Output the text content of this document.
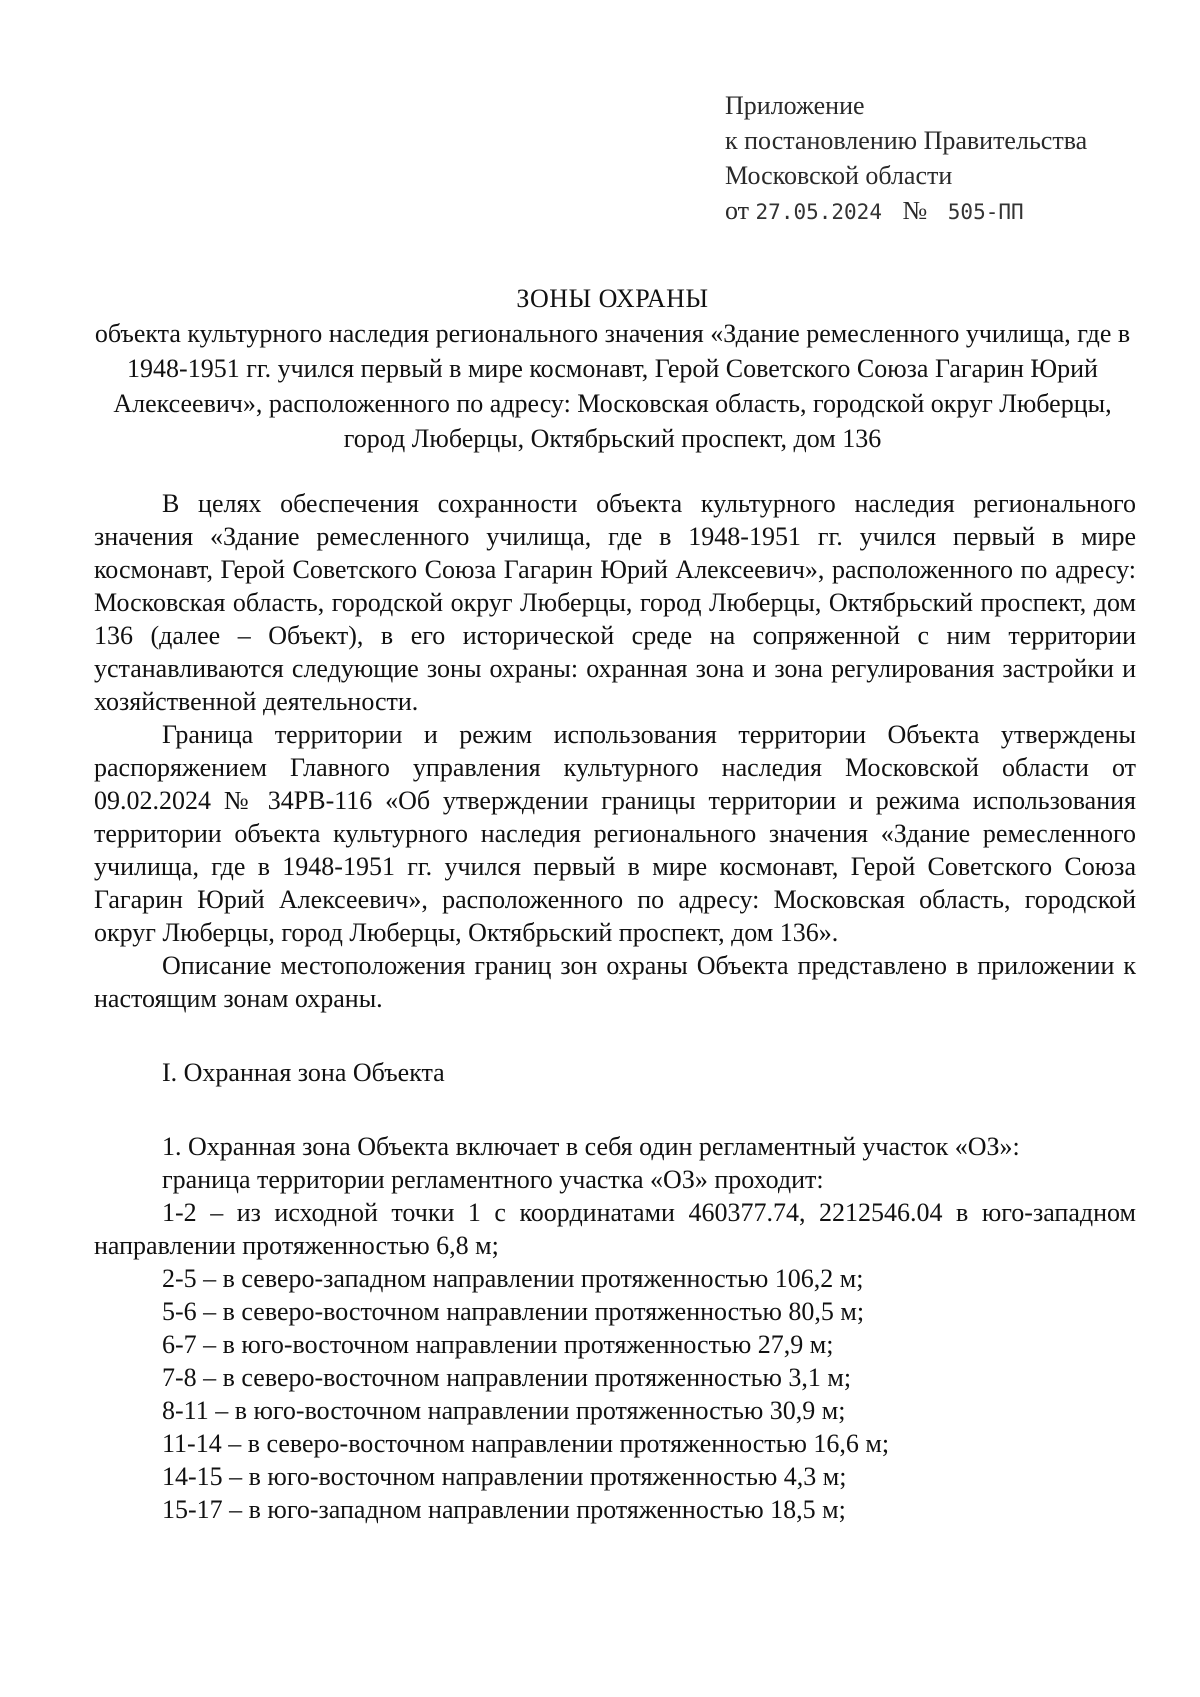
Приложение
к постановлению Правительства
Московской области
от 27.05.2024 № 505-ПП
ЗОНЫ ОХРАНЫ
объекта культурного наследия регионального значения «Здание ремесленного училища, где в 1948-1951 гг. учился первый в мире космонавт, Герой Советского Союза Гагарин Юрий Алексеевич», расположенного по адресу: Московская область, городской округ Люберцы, город Люберцы, Октябрьский проспект, дом 136

В целях обеспечения сохранности объекта культурного наследия регионального значения «Здание ремесленного училища, где в 1948-1951 гг. учился первый в мире космонавт, Герой Советского Союза Гагарин Юрий Алексеевич», расположенного по адресу: Московская область, городской округ Люберцы, город Люберцы, Октябрьский проспект, дом 136 (далее – Объект), в его исторической среде на сопряженной с ним территории устанавливаются следующие зоны охраны: охранная зона и зона регулирования застройки и хозяйственной деятельности.

Граница территории и режим использования территории Объекта утверждены распоряжением Главного управления культурного наследия Московской области от 09.02.2024 № 34РВ-116 «Об утверждении границы территории и режима использования территории объекта культурного наследия регионального значения «Здание ремесленного училища, где в 1948-1951 гг. учился первый в мире космонавт, Герой Советского Союза Гагарин Юрий Алексеевич», расположенного по адресу: Московская область, городской округ Люберцы, город Люберцы, Октябрьский проспект, дом 136».

Описание местоположения границ зон охраны Объекта представлено в приложении к настоящим зонам охраны.

I. Охранная зона Объекта

1. Охранная зона Объекта включает в себя один регламентный участок «ОЗ»:

граница территории регламентного участка «ОЗ» проходит:

1-2 – из исходной точки 1 с координатами 460377.74, 2212546.04 в юго-западном направлении протяженностью 6,8 м;

2-5 – в северо-западном направлении протяженностью 106,2 м;

5-6 – в северо-восточном направлении протяженностью 80,5 м;

6-7 – в юго-восточном направлении протяженностью 27,9 м;

7-8 – в северо-восточном направлении протяженностью 3,1 м;

8-11 – в юго-восточном направлении протяженностью 30,9 м;

11-14 – в северо-восточном направлении протяженностью 16,6 м;

14-15 – в юго-восточном направлении протяженностью 4,3 м;

15-17 – в юго-западном направлении протяженностью 18,5 м;
